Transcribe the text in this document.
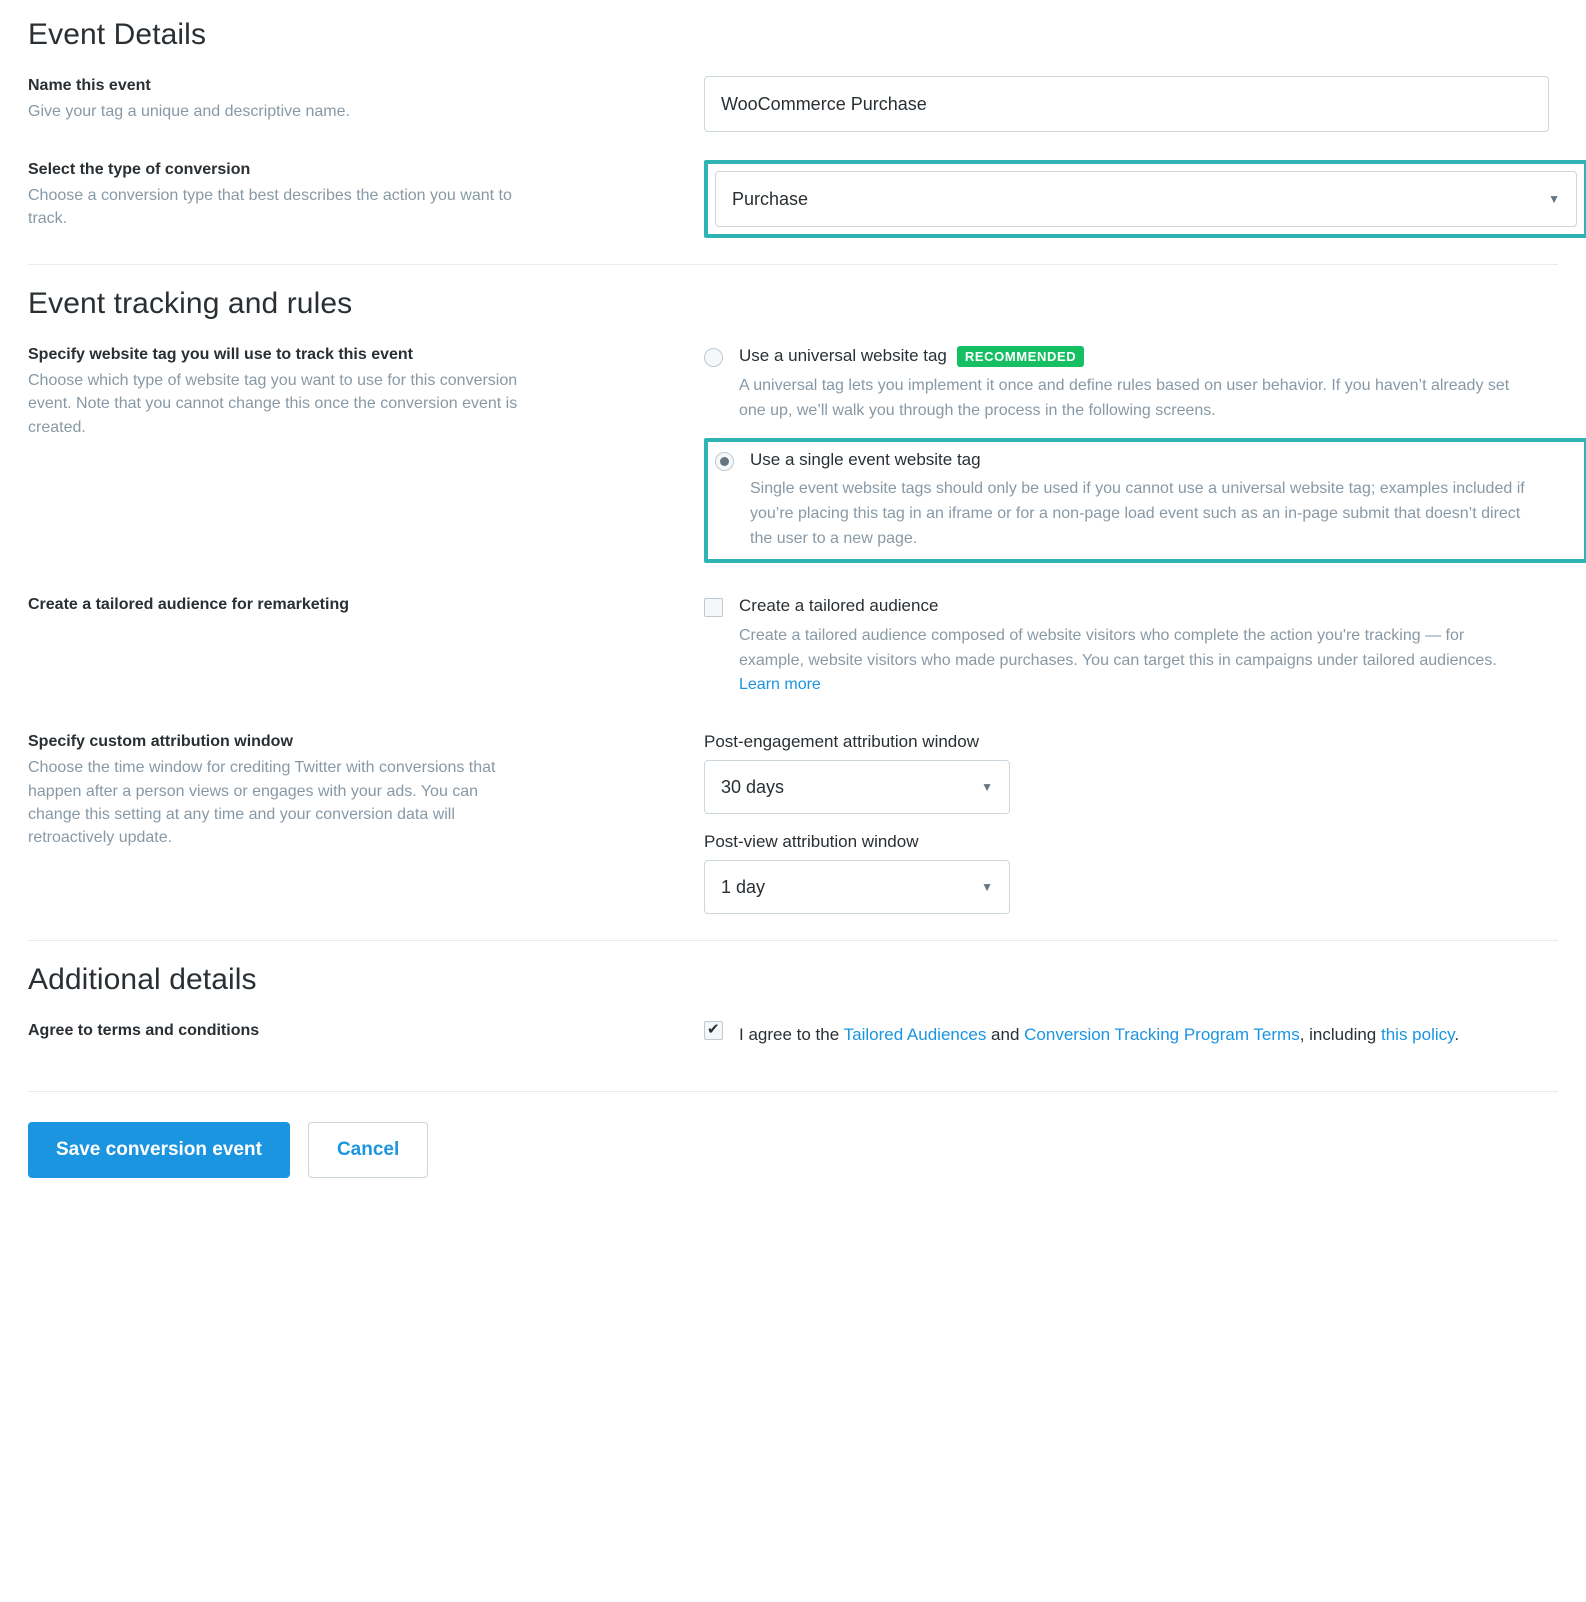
Event Details

Name this event

Give your tag a unique and descriptive name.

WooCommerce Purchase

Select the type of conversion

Choose a conversion type that best describes the action you want to track.

Purchase	▼
Event tracking and rules

Specify website tag you will use to track this event

Choose which type of website tag you want to use for this conversion event. Note that you cannot change this once the conversion event is created.

Use a universal website tag	RECOMMENDED
A universal tag lets you implement it once and define rules based on user behavior. If you haven’t already set one up, we’ll walk you through the process in the following screens.
Use a single event website tag
Single event website tags should only be used if you cannot use a universal website tag; examples included if you’re placing this tag in an iframe or for a non-page load event such as an in-page submit that doesn’t direct the user to a new page.

Create a tailored audience for remarketing	Create a tailored audience
Create a tailored audience composed of website visitors who complete the action you're tracking — for example, website visitors who made purchases. You can target this in campaigns under tailored audiences. Learn more

Specify custom attribution window

Choose the time window for crediting Twitter with conversions that happen after a person views or engages with your ads. You can change this setting at any time and your conversion data will retroactively update.

Post-engagement attribution window
30 days	▼
Post-view attribution window
1 day	▼
Additional details

Agree to terms and conditions ✔	I agree to the Tailored Audiences and Conversion Tracking Program Terms, including this policy.
Save conversion event	Cancel
